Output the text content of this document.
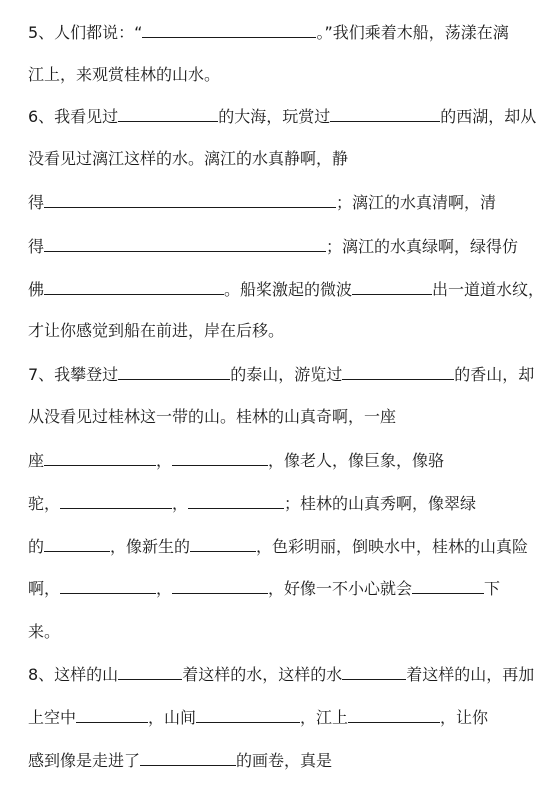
5、人们都说：“	。”我们乘着木船，荡漾在漓
江上，来观赏桂林的山水。
6、我看见过	的大海，玩赏过	的西湖，却从
没看见过漓江这样的水。漓江的水真静啊，静
得	；漓江的水真清啊，清
得	；漓江的水真绿啊，绿得仿
佛	。船桨激起的微波	出一道道水纹，
才让你感觉到船在前进，岸在后移。
7、我攀登过	的泰山，游览过	的香山，却
从没看见过桂林这一带的山。桂林的山真奇啊，一座
座	，	，像老人，像巨象，像骆
驼，	，	；桂林的山真秀啊，像翠绿
的	，像新生的	，色彩明丽，倒映水中，桂林的山真险
啊，	，	，好像一不小心就会	下
来。
8、这样的山	着这样的水，这样的水	着这样的山，再加
上空中	，山间	，江上	，让你
感到像是走进了	的画卷，真是
